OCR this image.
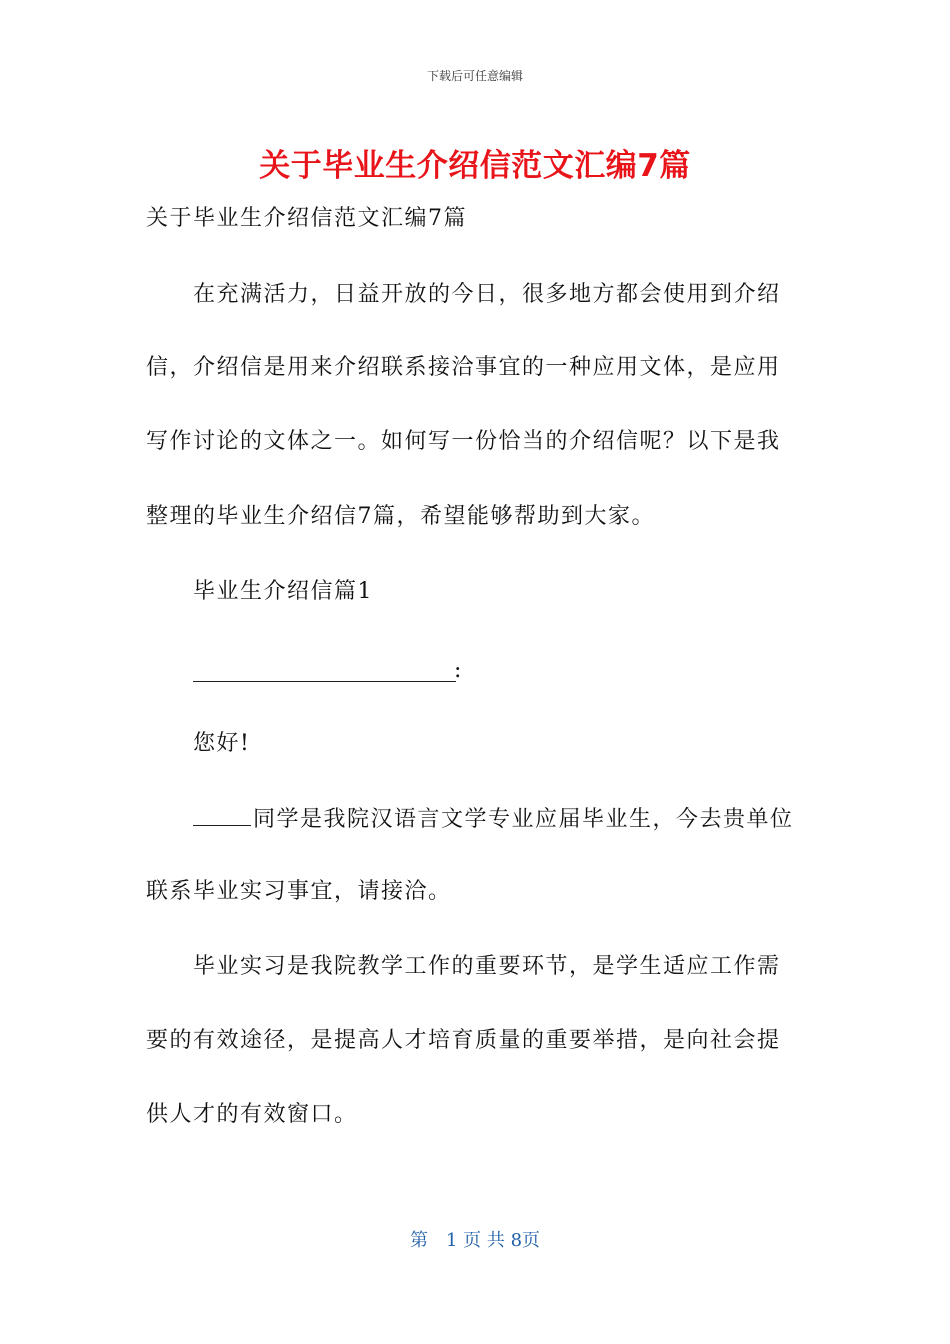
下载后可任意编辑
关于毕业生介绍信范文汇编7篇
关于毕业生介绍信范文汇编7篇
在充满活力，日益开放的今日，很多地方都会使用到介绍
信，介绍信是用来介绍联系接洽事宜的一种应用文体，是应用
写作讨论的文体之一。如何写一份恰当的介绍信呢？以下是我
整理的毕业生介绍信7篇，希望能够帮助到大家。
毕业生介绍信篇1
:
您好!
同学是我院汉语言文学专业应届毕业生，今去贵单位
联系毕业实习事宜，请接洽。
毕业实习是我院教学工作的重要环节，是学生适应工作需
要的有效途径，是提高人才培育质量的重要举措，是向社会提
供人才的有效窗口。
第　1 页 共 8页
